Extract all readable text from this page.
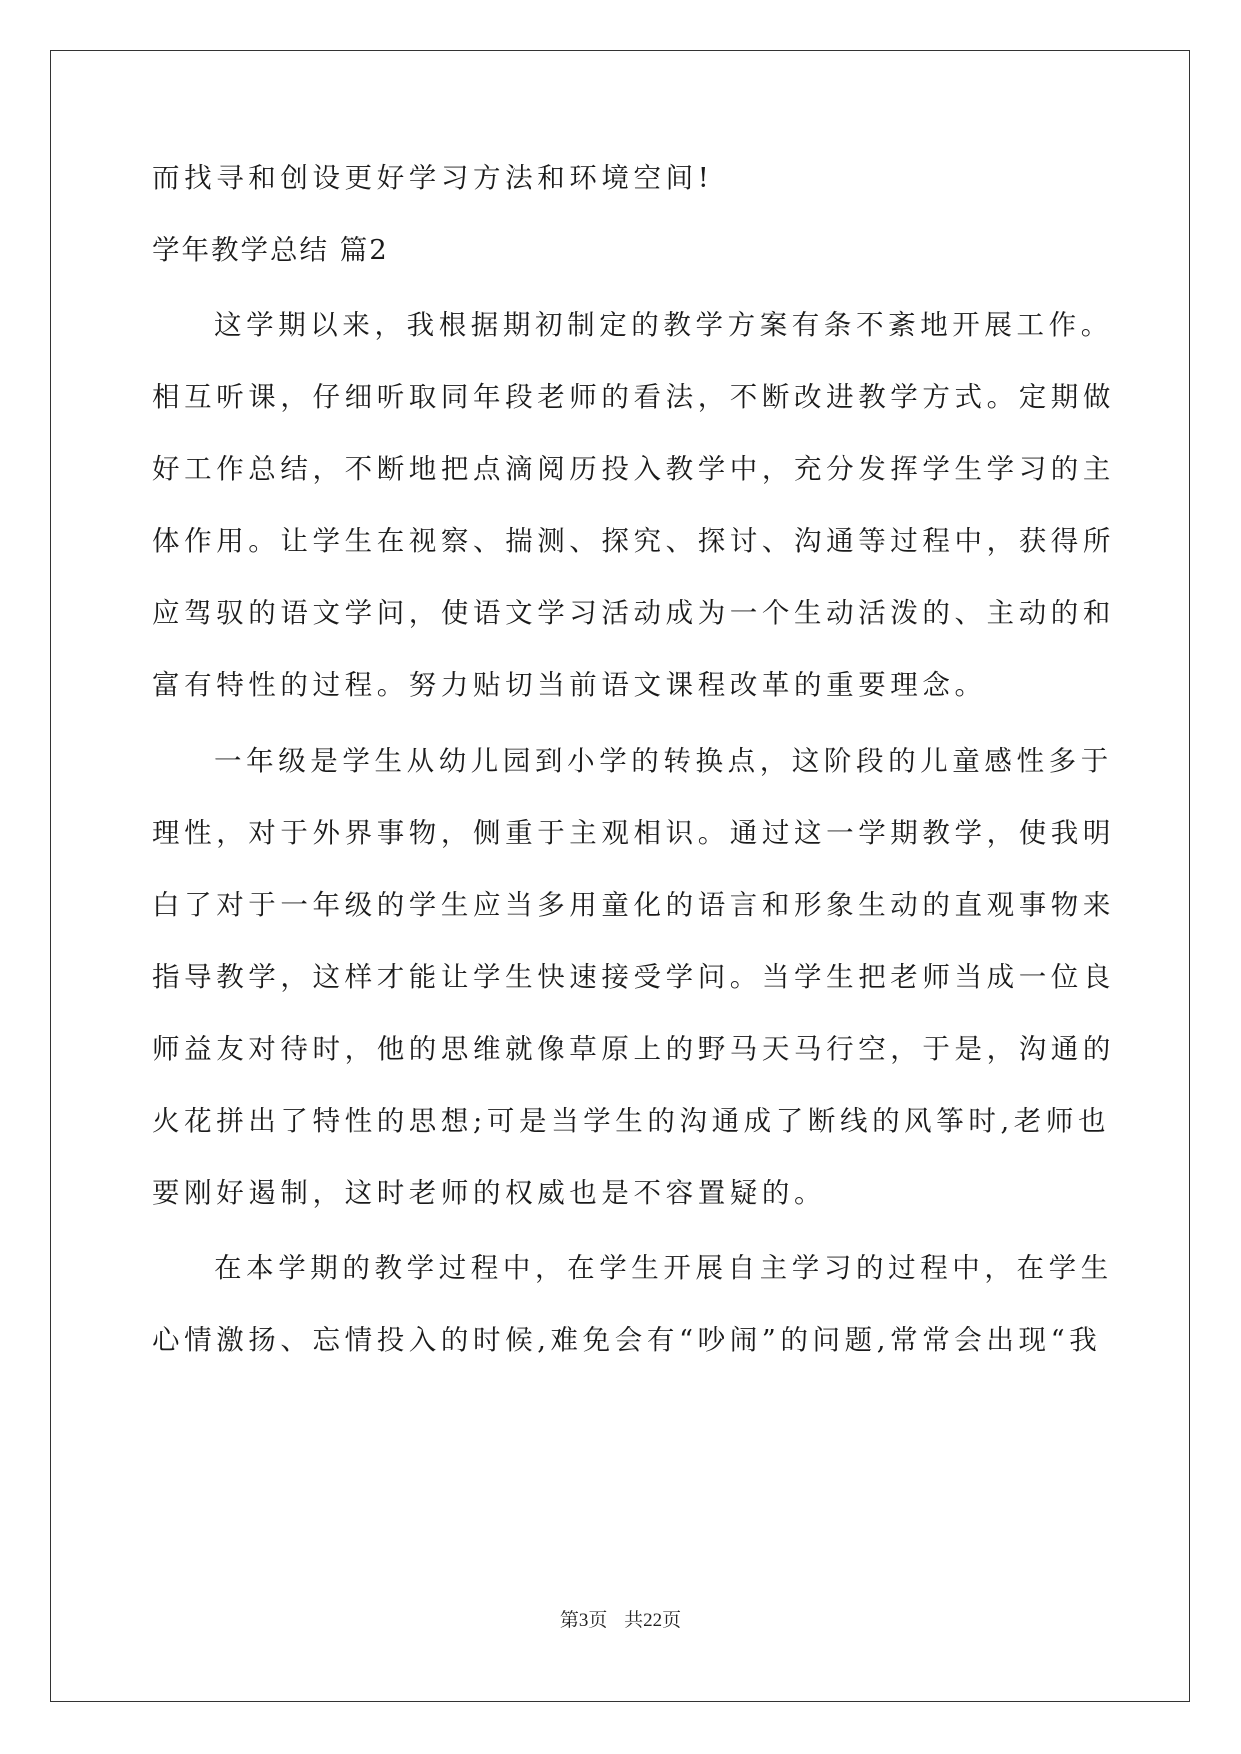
而找寻和创设更好学习方法和环境空间!
学年教学总结 篇2
这学期以来，我根据期初制定的教学方案有条不紊地开展工作。
相互听课，仔细听取同年段老师的看法，不断改进教学方式。定期做
好工作总结，不断地把点滴阅历投入教学中，充分发挥学生学习的主
体作用。让学生在视察、揣测、探究、探讨、沟通等过程中，获得所
应驾驭的语文学问，使语文学习活动成为一个生动活泼的、主动的和
富有特性的过程。努力贴切当前语文课程改革的重要理念。
一年级是学生从幼儿园到小学的转换点，这阶段的儿童感性多于
理性，对于外界事物，侧重于主观相识。通过这一学期教学，使我明
白了对于一年级的学生应当多用童化的语言和形象生动的直观事物来
指导教学，这样才能让学生快速接受学问。当学生把老师当成一位良
师益友对待时，他的思维就像草原上的野马天马行空，于是，沟通的
火花拼出了特性的思想;可是当学生的沟通成了断线的风筝时,老师也
要刚好遏制，这时老师的权威也是不容置疑的。
在本学期的教学过程中，在学生开展自主学习的过程中，在学生
心情激扬、忘情投入的时候,难免会有“吵闹”的问题,常常会出现“我
第3页 共22页
